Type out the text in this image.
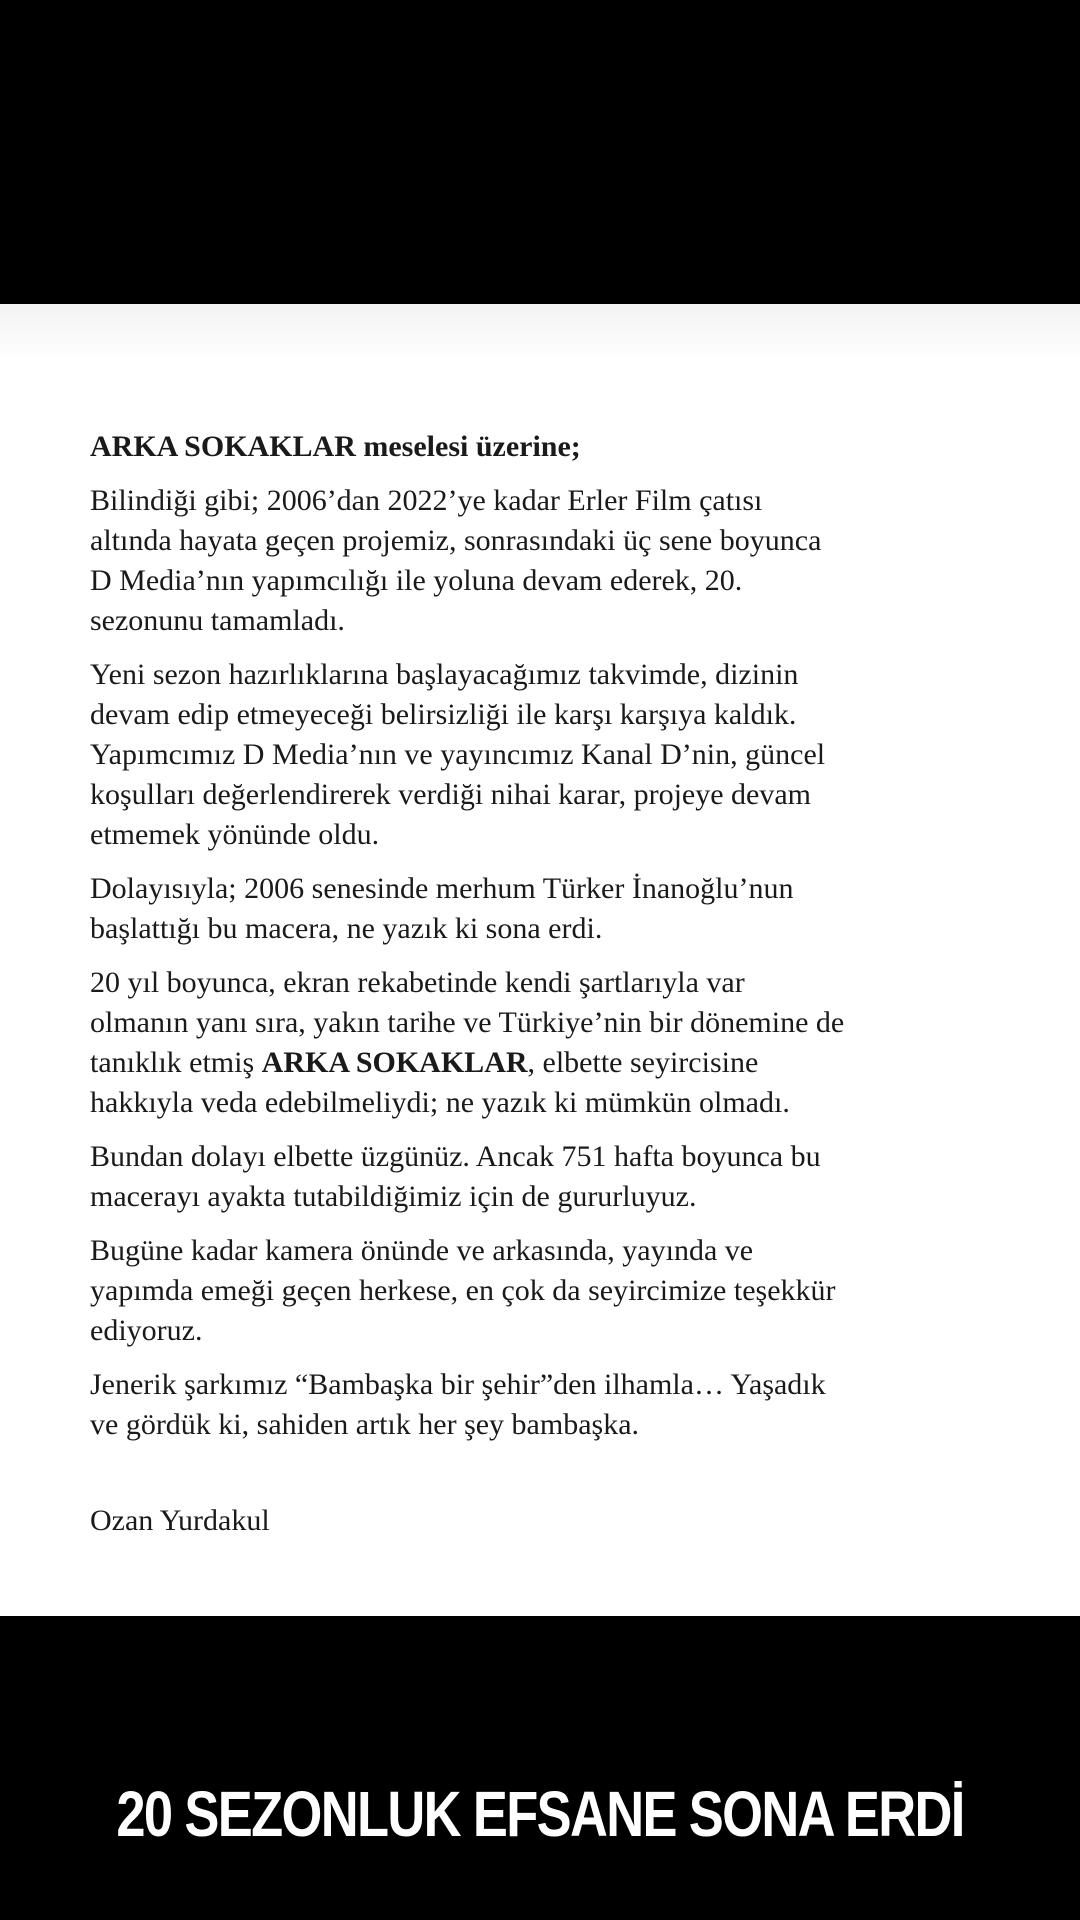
ARKA SOKAKLAR meselesi üzerine;

Bilindiği gibi; 2006’dan 2022’ye kadar Erler Film çatısı
altında hayata geçen projemiz, sonrasındaki üç sene boyunca
D Media’nın yapımcılığı ile yoluna devam ederek, 20.
sezonunu tamamladı.

Yeni sezon hazırlıklarına başlayacağımız takvimde, dizinin
devam edip etmeyeceği belirsizliği ile karşı karşıya kaldık.
Yapımcımız D Media’nın ve yayıncımız Kanal D’nin, güncel
koşulları değerlendirerek verdiği nihai karar, projeye devam
etmemek yönünde oldu.

Dolayısıyla; 2006 senesinde merhum Türker İnanoğlu’nun
başlattığı bu macera, ne yazık ki sona erdi.

20 yıl boyunca, ekran rekabetinde kendi şartlarıyla var
olmanın yanı sıra, yakın tarihe ve Türkiye’nin bir dönemine de
tanıklık etmiş ARKA SOKAKLAR, elbette seyircisine
hakkıyla veda edebilmeliydi; ne yazık ki mümkün olmadı.

Bundan dolayı elbette üzgünüz. Ancak 751 hafta boyunca bu
macerayı ayakta tutabildiğimiz için de gururluyuz.

Bugüne kadar kamera önünde ve arkasında, yayında ve
yapımda emeği geçen herkese, en çok da seyircimize teşekkür
ediyoruz.

Jenerik şarkımız “Bambaşka bir şehir”den ilhamla… Yaşadık
ve gördük ki, sahiden artık her şey bambaşka.

Ozan Yurdakul
20 SEZONLUK EFSANE SONA ERDİ
